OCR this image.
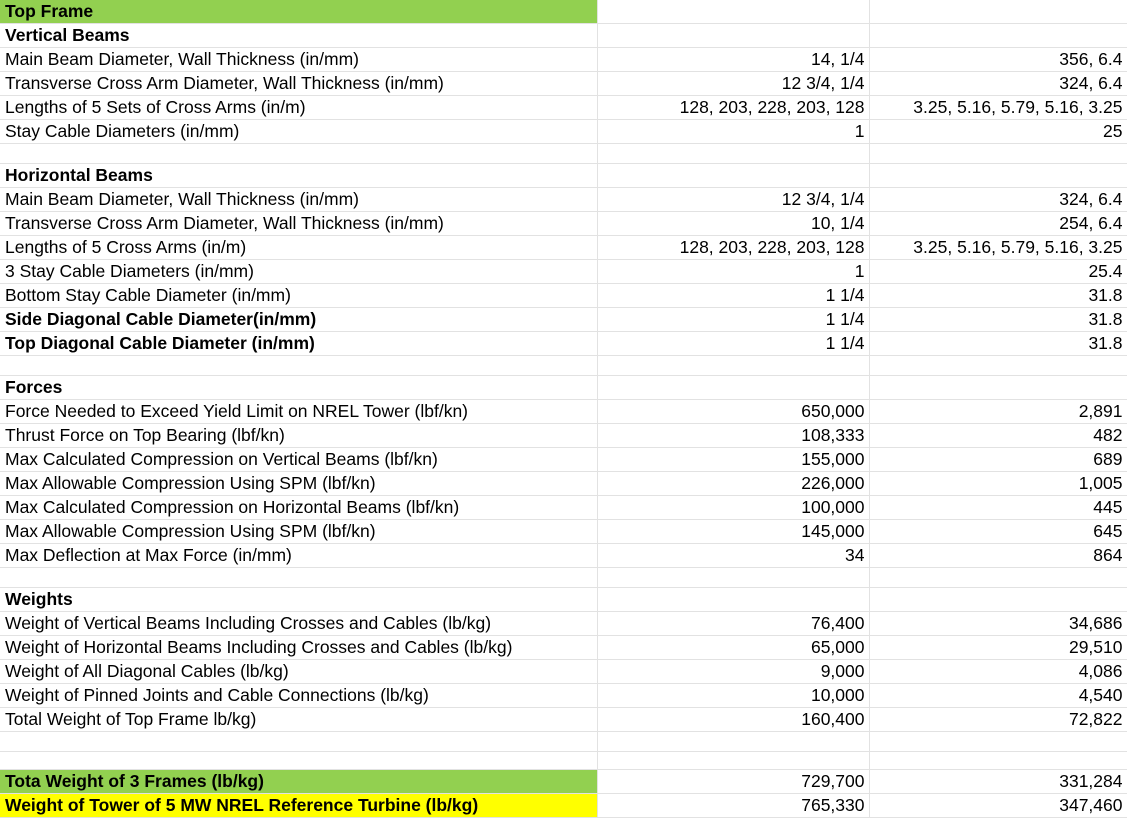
Top Frame		
Vertical Beams		
Main Beam Diameter, Wall Thickness (in/mm)	14, 1/4	356, 6.4
Transverse Cross Arm Diameter, Wall Thickness (in/mm)	12 3/4, 1/4	324, 6.4
Lengths of 5 Sets of Cross Arms (in/m)	128, 203, 228, 203, 128	3.25, 5.16, 5.79, 5.16, 3.25
Stay Cable Diameters (in/mm)	1	25

Horizontal Beams		
Main Beam Diameter, Wall Thickness (in/mm)	12 3/4, 1/4	324, 6.4
Transverse Cross Arm Diameter, Wall Thickness (in/mm)	10, 1/4	254, 6.4
Lengths of 5 Cross Arms (in/m)	128, 203, 228, 203, 128	3.25, 5.16, 5.79, 5.16, 3.25
3 Stay Cable Diameters (in/mm)	1	25.4
Bottom Stay Cable Diameter (in/mm)	1 1/4	31.8
Side Diagonal Cable Diameter(in/mm)	1 1/4	31.8
Top Diagonal Cable Diameter (in/mm)	1 1/4	31.8

Forces		
Force Needed to Exceed Yield Limit on NREL Tower (lbf/kn)	650,000	2,891
Thrust Force on Top Bearing (lbf/kn)	108,333	482
Max Calculated Compression on Vertical Beams (lbf/kn)	155,000	689
Max Allowable Compression Using SPM (lbf/kn)	226,000	1,005
Max Calculated Compression on Horizontal Beams (lbf/kn)	100,000	445
Max Allowable Compression Using SPM (lbf/kn)	145,000	645
Max Deflection at Max Force (in/mm)	34	864

Weights		
Weight of Vertical Beams Including Crosses and Cables (lb/kg)	76,400	34,686
Weight of Horizontal Beams Including Crosses and Cables (lb/kg)	65,000	29,510
Weight of All Diagonal Cables (lb/kg)	9,000	4,086
Weight of Pinned Joints and Cable Connections (lb/kg)	10,000	4,540
Total Weight of Top Frame lb/kg)	160,400	72,822

Tota Weight of 3 Frames (lb/kg)	729,700	331,284
Weight of Tower of 5 MW NREL Reference Turbine (lb/kg)	765,330	347,460
